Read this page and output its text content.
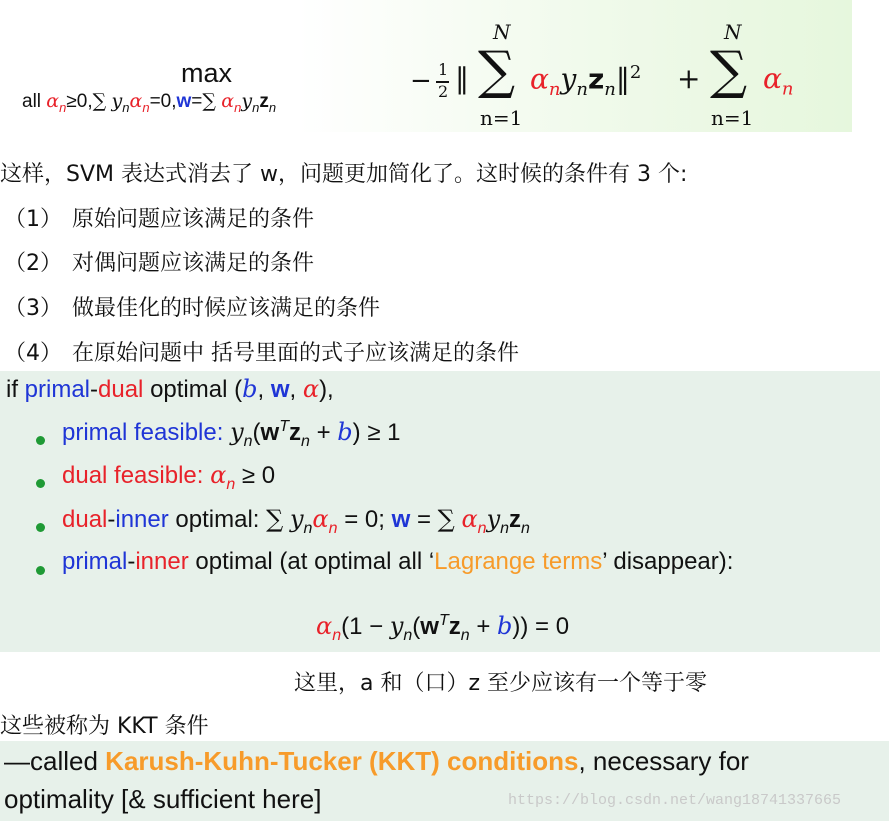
max
all $\alpha_n\ge 0,\sum$ $y_n\alpha_n=0,w=\sum$ $\alpha_ny_nz_n$
− 1
2 ‖
N
∑
n=1
$\alpha_ny_nz_n‖^2$ +
N
∑
n=1
$\alpha_n$
这样，SVM 表达式消去了 w，问题更加简化了。这时候的条件有 3 个:
（1） 原始问题应该满足的条件
（2） 对偶问题应该满足的条件
（3） 做最佳化的时候应该满足的条件
（4） 在原始问题中 括号里面的式子应该满足的条件
if primal-dual optimal (b, w, α),
primal feasible: $y_n(w^Tz_n + b) \ge 1$
dual feasible: $\alpha_n \ge 0$
dual-inner optimal: ∑ $y_n\alpha_n = 0$; w = ∑ $\alpha_ny_nz_n$
primal-inner optimal (at optimal all ‘Lagrange terms’ disappear):
$\alpha_n(1 - y_n(w^Tz_n + b)) = 0$
这里，a 和（口）z 至少应该有一个等于零
这些被称为 KKT 条件
—called Karush-Kuhn-Tucker (KKT) conditions, necessary for
optimality [& sufficient here]	https://blog.csdn.net/wang18741337665
